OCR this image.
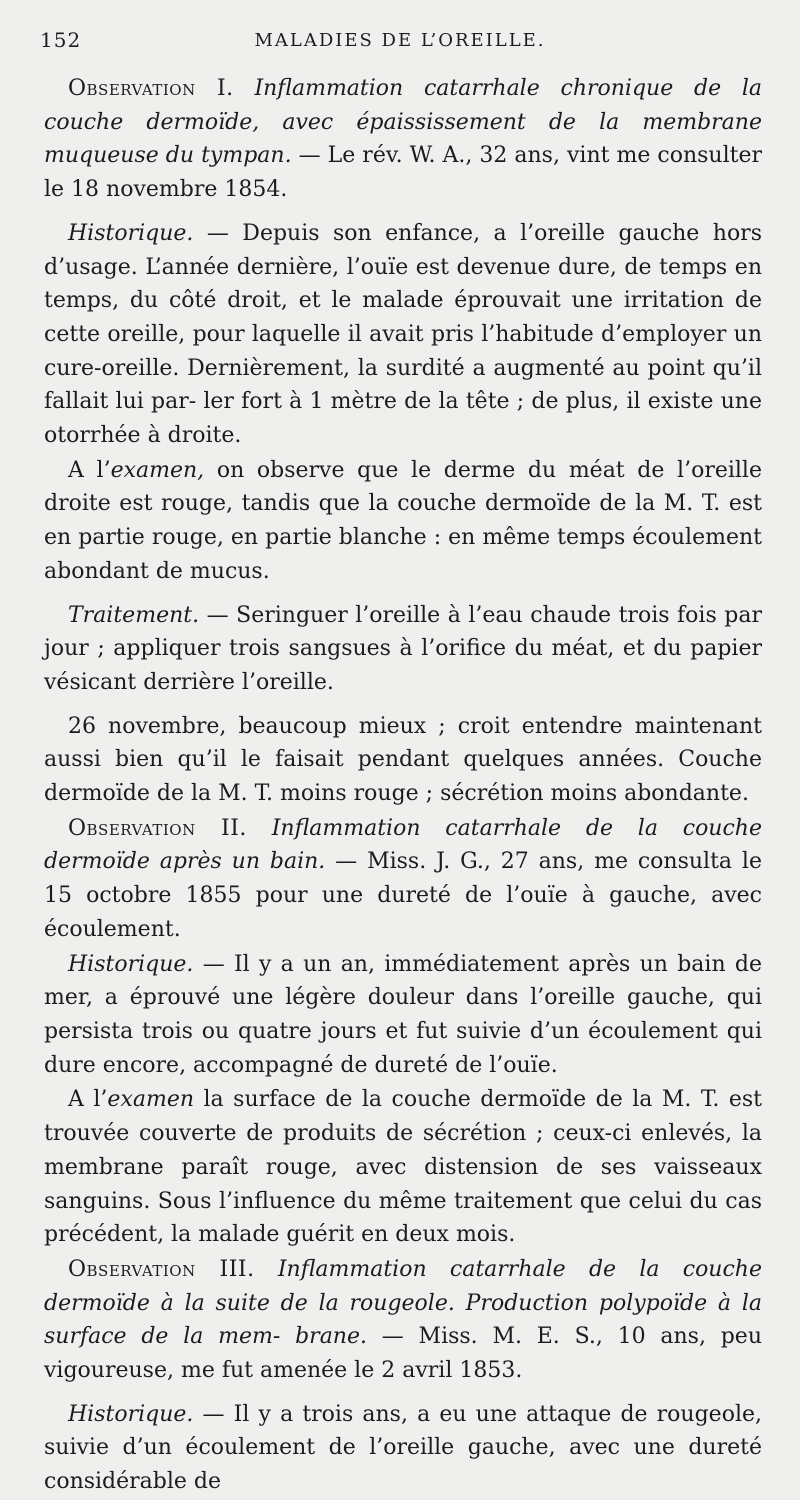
152	MALADIES DE L’OREILLE.

Observation I. Inflammation catarrhale chronique de la couche dermoïde, avec épaississement de la membrane muqueuse du tympan. — Le rév. W. A., 32 ans, vint me consulter le 18 novembre 1854.

Historique. — Depuis son enfance, a l’oreille gauche hors d’usage. L’année dernière, l’ouïe est devenue dure, de temps en temps, du côté droit, et le malade éprouvait une irritation de cette oreille, pour laquelle il avait pris l’habitude d’employer un cure-oreille. Dernièrement, la surdité a augmenté au point qu’il fallait lui par- ler fort à 1 mètre de la tête ; de plus, il existe une otorrhée à droite.

A l’examen, on observe que le derme du méat de l’oreille droite est rouge, tandis que la couche dermoïde de la M. T. est en partie rouge, en partie blanche : en même temps écoulement abondant de mucus.

Traitement. — Seringuer l’oreille à l’eau chaude trois fois par jour ; appliquer trois sangsues à l’orifice du méat, et du papier vésicant derrière l’oreille.

26 novembre, beaucoup mieux ; croit entendre maintenant aussi bien qu’il le faisait pendant quelques années. Couche dermoïde de la M. T. moins rouge ; sécrétion moins abondante.

Observation II. Inflammation catarrhale de la couche dermoïde après un bain. — Miss. J. G., 27 ans, me consulta le 15 octobre 1855 pour une dureté de l’ouïe à gauche, avec écoulement.

Historique. — Il y a un an, immédiatement après un bain de mer, a éprouvé une légère douleur dans l’oreille gauche, qui persista trois ou quatre jours et fut suivie d’un écoulement qui dure encore, accompagné de dureté de l’ouïe.

A l’examen la surface de la couche dermoïde de la M. T. est trouvée couverte de produits de sécrétion ; ceux-ci enlevés, la membrane paraît rouge, avec distension de ses vaisseaux sanguins. Sous l’influence du même traitement que celui du cas précédent, la malade guérit en deux mois.

Observation III. Inflammation catarrhale de la couche dermoïde à la suite de la rougeole. Production polypoïde à la surface de la mem- brane. — Miss. M. E. S., 10 ans, peu vigoureuse, me fut amenée le 2 avril 1853.

Historique. — Il y a trois ans, a eu une attaque de rougeole, suivie d’un écoulement de l’oreille gauche, avec une dureté considérable de
